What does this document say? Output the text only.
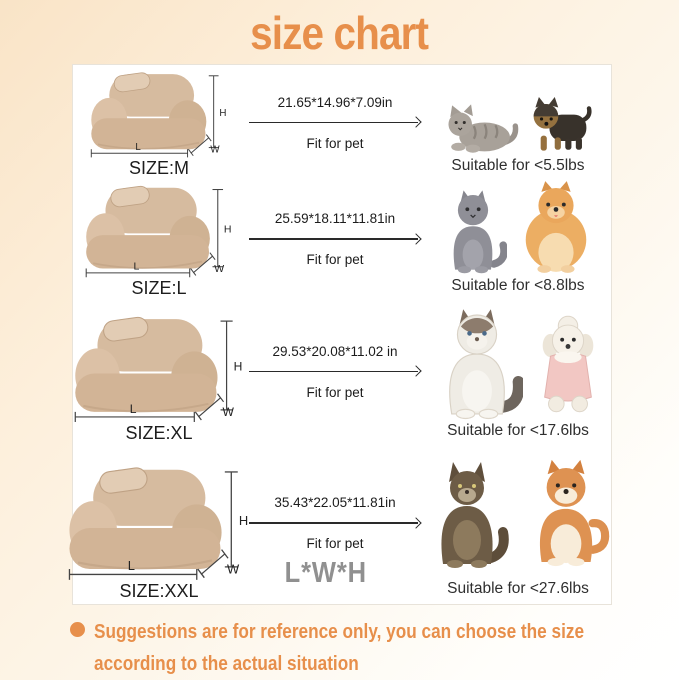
size chart
H
L	W
SIZE:M
21.65*14.96*7.09in
Fit for pet
Suitable for <5.5lbs
H
L	W
SIZE:L
25.59*18.11*11.81in
Fit for pet
Suitable for <8.8lbs
H
L	W
SIZE:XL
29.53*20.08*11.02 in
Fit for pet
Suitable for <17.6lbs
H
L	W
SIZE:XXL
35.43*22.05*11.81in
Fit for pet
Suitable for <27.6lbs
L*W*H
Suggestions are for reference only, you can choose the size
according to the actual situation
